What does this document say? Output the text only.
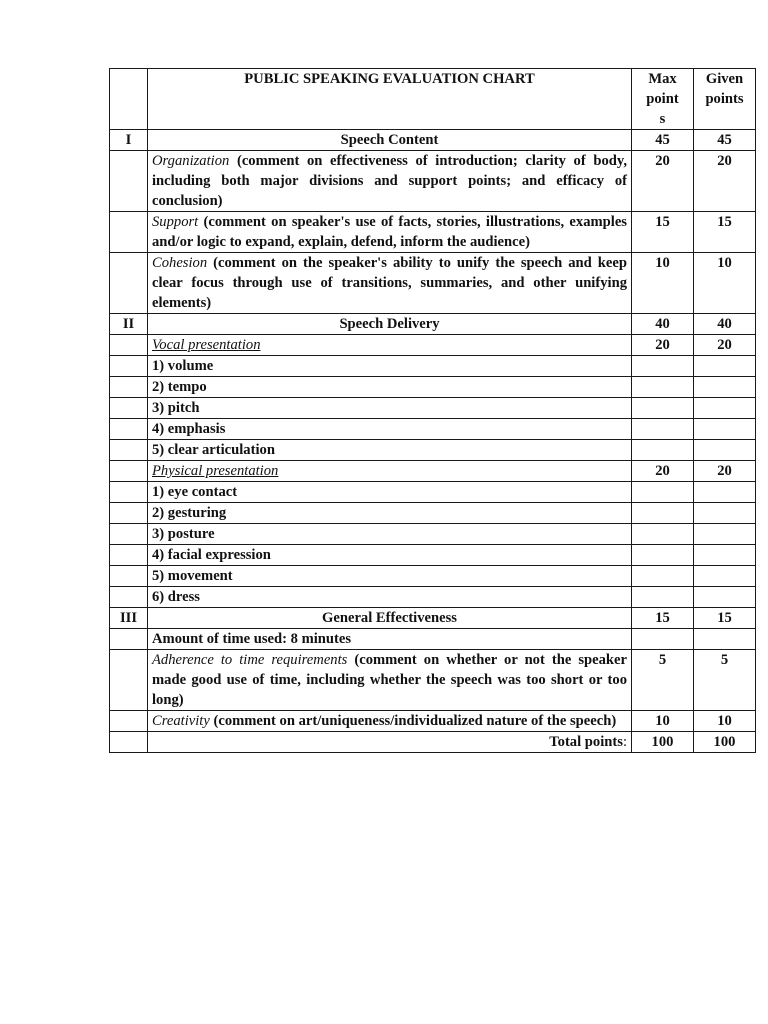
	PUBLIC SPEAKING EVALUATION CHART	Max point s	Given points

I	Speech Content	45	45
	Organization (comment on effectiveness of introduction; clarity of body, including both major divisions and support points; and efficacy of conclusion)	20	20
	Support (comment on speaker's use of facts, stories, illustrations, examples and/or logic to expand, explain, defend, inform the audience)	15	15
	Cohesion (comment on the speaker's ability to unify the speech and keep clear focus through use of transitions, summaries, and other unifying elements)	10	10
II	Speech Delivery	40	40
	Vocal presentation	20	20
	1) volume		
	2) tempo		
	3) pitch		
	4) emphasis		
	5) clear articulation		
	Physical presentation	20	20
	1) eye contact		
	2) gesturing		
	3) posture		
	4) facial expression		
	5) movement		
	6) dress		
III	General Effectiveness	15	15
	Amount of time used: 8 minutes		
	Adherence to time requirements (comment on whether or not the speaker made good use of time, including whether the speech was too short or too long)	5	5
	Creativity (comment on art/uniqueness/individualized nature of the speech)	10	10
	Total points:	100	100
